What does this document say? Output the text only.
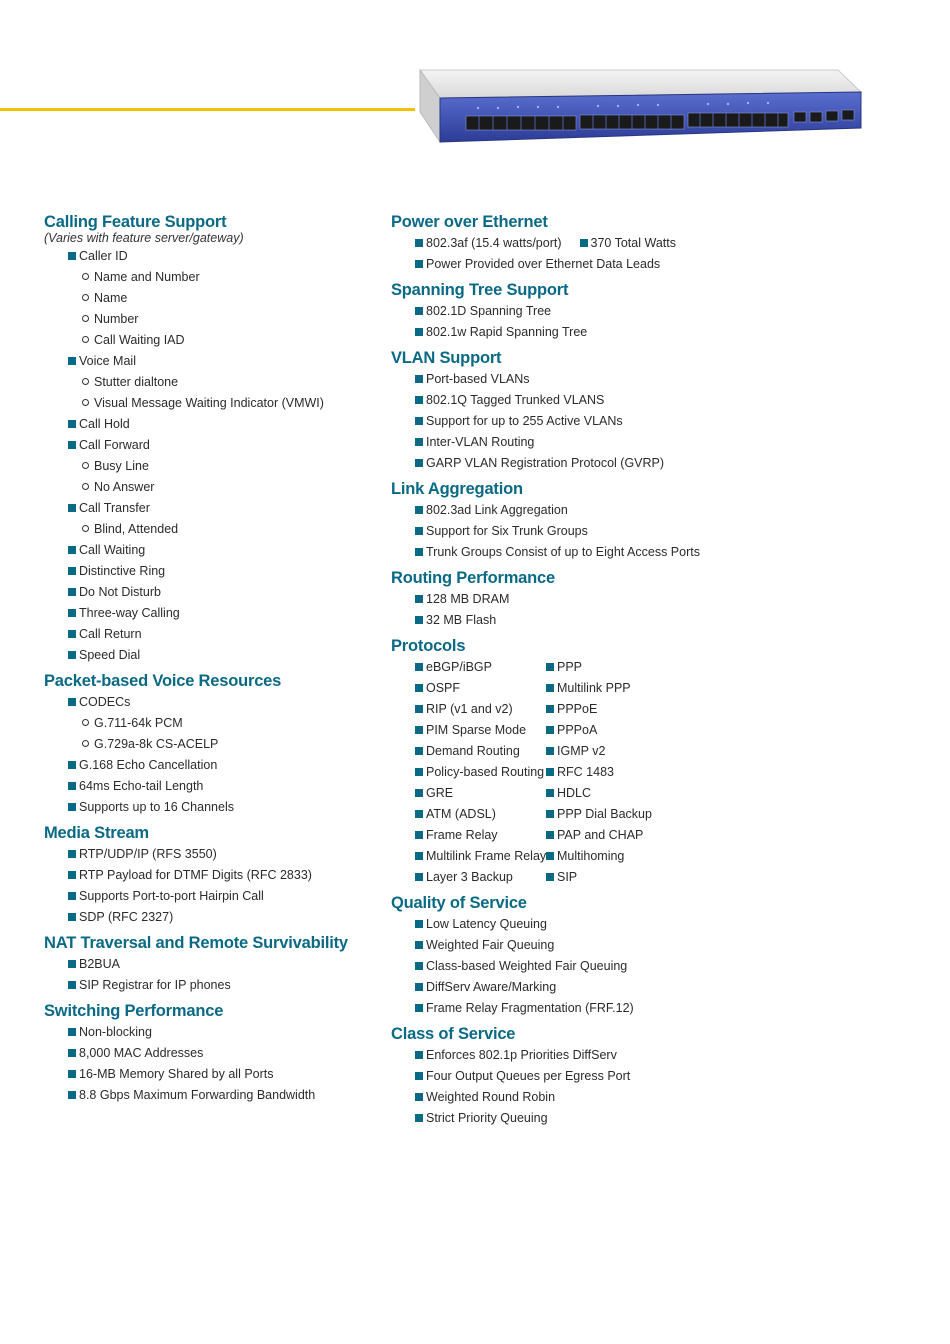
Calling Feature Support
(Varies with feature server/gateway)
Caller ID
Name and Number
Name
Number
Call Waiting IAD
Voice Mail
Stutter dialtone
Visual Message Waiting Indicator (VMWI)
Call Hold
Call Forward
Busy Line
No Answer
Call Transfer
Blind, Attended
Call Waiting
Distinctive Ring
Do Not Disturb
Three-way Calling
Call Return
Speed Dial
Packet-based Voice Resources
CODECs
G.711-64k PCM
G.729a-8k CS-ACELP
G.168 Echo Cancellation
64ms Echo-tail Length
Supports up to 16 Channels
Media Stream
RTP/UDP/IP (RFS 3550)
RTP Payload for DTMF Digits (RFC 2833)
Supports Port-to-port Hairpin Call
SDP (RFC 2327)
NAT Traversal and Remote Survivability
B2BUA
SIP Registrar for IP phones
Switching Performance
Non-blocking
8,000 MAC Addresses
16-MB Memory Shared by all Ports
8.8 Gbps Maximum Forwarding Bandwidth
Power over Ethernet
802.3af (15.4 watts/port)	370 Total Watts
Power Provided over Ethernet Data Leads
Spanning Tree Support
802.1D Spanning Tree
802.1w Rapid Spanning Tree
VLAN Support
Port-based VLANs
802.1Q Tagged Trunked VLANS
Support for up to 255 Active VLANs
Inter-VLAN Routing
GARP VLAN Registration Protocol (GVRP)
Link Aggregation
802.3ad Link Aggregation
Support for Six Trunk Groups
Trunk Groups Consist of up to Eight Access Ports
Routing Performance
128 MB DRAM
32 MB Flash
Protocols
eBGP/iBGP
OSPF
RIP (v1 and v2)
PIM Sparse Mode
Demand Routing
Policy-based Routing
GRE
ATM (ADSL)
Frame Relay
Multilink Frame Relay
Layer 3 Backup
PPP
Multilink PPP
PPPoE
PPPoA
IGMP v2
RFC 1483
HDLC
PPP Dial Backup
PAP and CHAP
Multihoming
SIP
Quality of Service
Low Latency Queuing
Weighted Fair Queuing
Class-based Weighted Fair Queuing
DiffServ Aware/Marking
Frame Relay Fragmentation (FRF.12)
Class of Service
Enforces 802.1p Priorities DiffServ
Four Output Queues per Egress Port
Weighted Round Robin
Strict Priority Queuing
